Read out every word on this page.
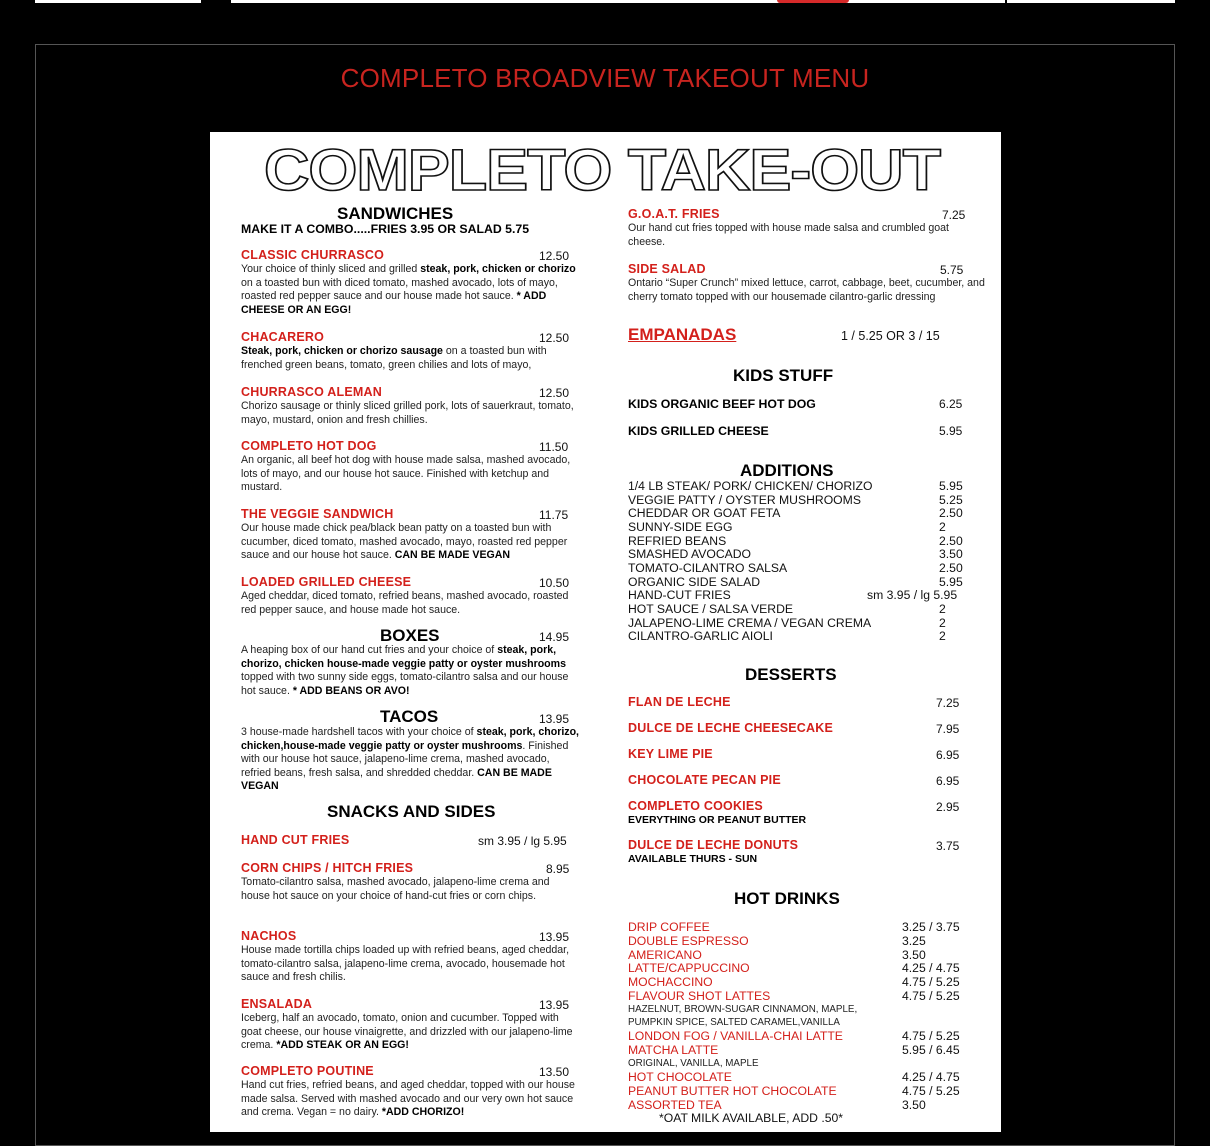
COMPLETO BROADVIEW TAKEOUT MENU
COMPLETO TAKE-OUT
SANDWICHES
MAKE IT A COMBO.....FRIES 3.95 OR SALAD 5.75
CLASSIC CHURRASCO	12.50
Your choice of thinly sliced and grilled steak, pork, chicken or chorizo on a toasted bun with diced tomato, mashed avocado, lots of mayo, roasted red pepper sauce and our house made hot sauce. * ADD CHEESE OR AN EGG!
CHACARERO	12.50
Steak, pork, chicken or chorizo sausage on a toasted bun with frenched green beans, tomato, green chilies and lots of mayo,
CHURRASCO ALEMAN	12.50
Chorizo sausage or thinly sliced grilled pork, lots of sauerkraut, tomato, mayo, mustard, onion and fresh chillies.
COMPLETO HOT DOG	11.50
An organic, all beef hot dog with house made salsa, mashed avocado, lots of mayo, and our house hot sauce. Finished with ketchup and mustard.
THE VEGGIE SANDWICH	11.75
Our house made chick pea/black bean patty on a toasted bun with cucumber, diced tomato, mashed avocado, mayo, roasted red pepper sauce and our house hot sauce. CAN BE MADE VEGAN
LOADED GRILLED CHEESE	10.50
Aged cheddar, diced tomato, refried beans, mashed avocado, roasted red pepper sauce, and house made hot sauce.
BOXES	14.95
A heaping box of our hand cut fries and your choice of steak, pork, chorizo, chicken house-made veggie patty or oyster mushrooms topped with two sunny side eggs, tomato-cilantro salsa and our house hot sauce. * ADD BEANS OR AVO!
TACOS	13.95
3 house-made hardshell tacos with your choice of steak, pork, chorizo, chicken,house-made veggie patty or oyster mushrooms. Finished with our house hot sauce, jalapeno-lime crema, mashed avocado, refried beans, fresh salsa, and shredded cheddar. CAN BE MADE VEGAN
SNACKS AND SIDES
HAND CUT FRIES	sm 3.95 / lg 5.95
CORN CHIPS / HITCH FRIES	8.95
Tomato-cilantro salsa, mashed avocado, jalapeno-lime crema and house hot sauce on your choice of hand-cut fries or corn chips.
NACHOS	13.95
House made tortilla chips loaded up with refried beans, aged cheddar, tomato-cilantro salsa, jalapeno-lime crema, avocado, housemade hot sauce and fresh chilis.
ENSALADA	13.95
Iceberg, half an avocado, tomato, onion and cucumber. Topped with goat cheese, our house vinaigrette, and drizzled with our jalapeno-lime crema. *ADD STEAK OR AN EGG!
COMPLETO POUTINE	13.50
Hand cut fries, refried beans, and aged cheddar, topped with our house made salsa. Served with mashed avocado and our very own hot sauce and crema. Vegan = no dairy. *ADD CHORIZO!
G.O.A.T. FRIES	7.25
Our hand cut fries topped with house made salsa and crumbled goat cheese.
SIDE SALAD	5.75
Ontario “Super Crunch” mixed lettuce, carrot, cabbage, beet, cucumber, and cherry tomato topped with our housemade cilantro-garlic dressing
EMPANADAS	1 / 5.25 OR 3 / 15
KIDS STUFF
KIDS ORGANIC BEEF HOT DOG	6.25
KIDS GRILLED CHEESE	5.95
ADDITIONS
1/4 LB STEAK/ PORK/ CHICKEN/ CHORIZO	5.95
VEGGIE PATTY / OYSTER MUSHROOMS	5.25
CHEDDAR OR GOAT FETA	2.50
SUNNY-SIDE EGG	2
REFRIED BEANS	2.50
SMASHED AVOCADO	3.50
TOMATO-CILANTRO SALSA	2.50
ORGANIC SIDE SALAD	5.95
HAND-CUT FRIES	sm 3.95 / lg 5.95
HOT SAUCE / SALSA VERDE	2
JALAPENO-LIME CREMA / VEGAN CREMA	2
CILANTRO-GARLIC AIOLI	2
DESSERTS
FLAN DE LECHE	7.25
DULCE DE LECHE CHEESECAKE	7.95
KEY LIME PIE	6.95
CHOCOLATE PECAN PIE	6.95
COMPLETO COOKIES	2.95
EVERYTHING OR PEANUT BUTTER
DULCE DE LECHE DONUTS	3.75
AVAILABLE THURS - SUN
HOT DRINKS
DRIP COFFEE	3.25 / 3.75
DOUBLE ESPRESSO	3.25
AMERICANO	3.50
LATTE/CAPPUCCINO	4.25 / 4.75
MOCHACCINO	4.75 / 5.25
FLAVOUR SHOT LATTES	4.75 / 5.25
LONDON FOG / VANILLA-CHAI LATTE	4.75 / 5.25
MATCHA LATTE	5.95 / 6.45
HOT CHOCOLATE	4.25 / 4.75
PEANUT BUTTER HOT CHOCOLATE	4.75 / 5.25
ASSORTED TEA	3.50
HAZELNUT, BROWN-SUGAR CINNAMON, MAPLE,
PUMPKIN SPICE, SALTED CARAMEL,VANILLA
ORIGINAL, VANILLA, MAPLE
*OAT MILK AVAILABLE, ADD .50*
